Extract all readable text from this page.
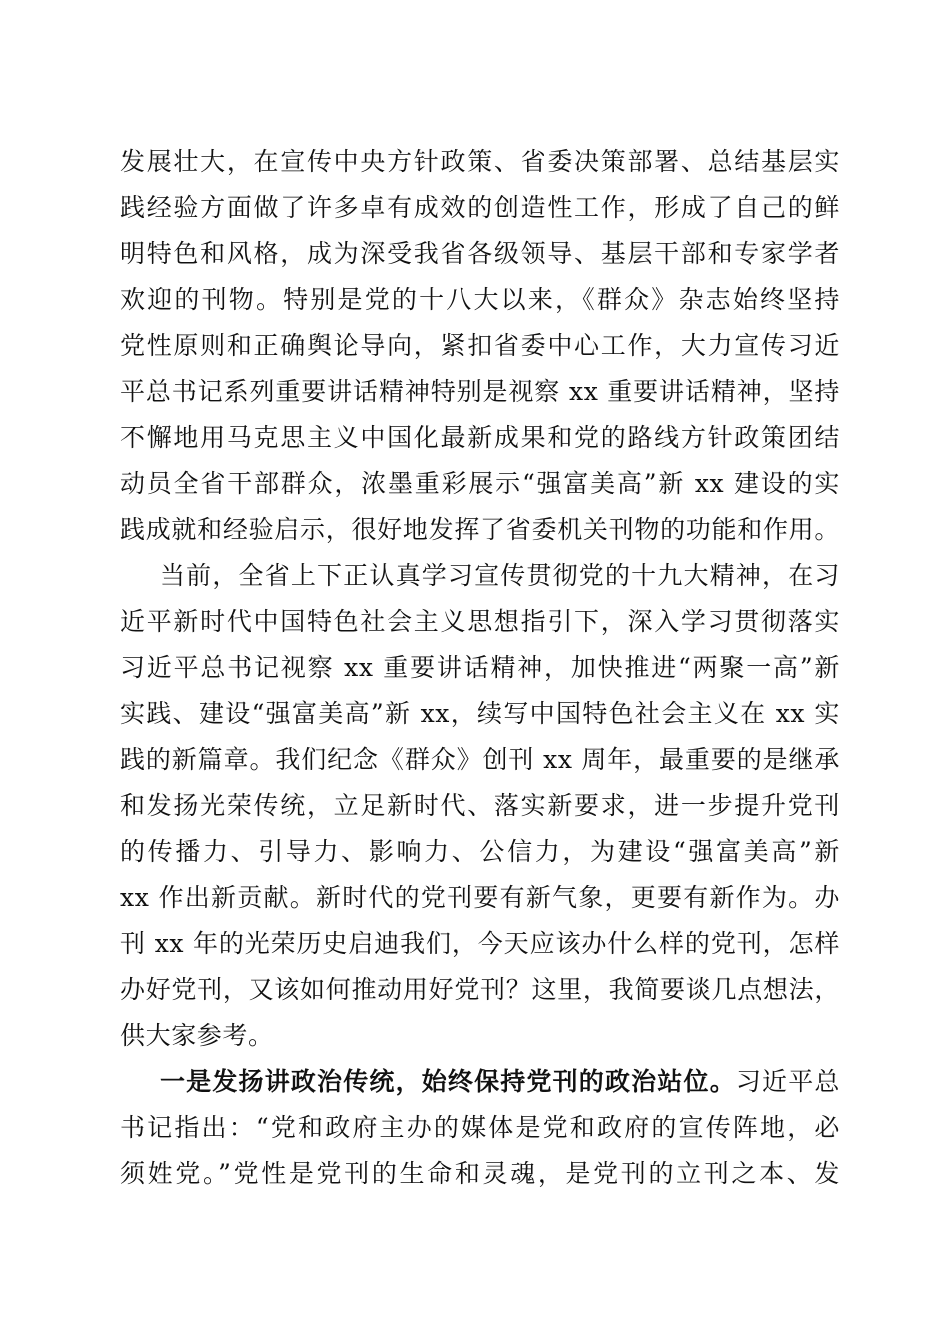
发展壮大，在宣传中央方针政策、省委决策部署、总结基层实
践经验方面做了许多卓有成效的创造性工作，形成了自己的鲜
明特色和风格，成为深受我省各级领导、基层干部和专家学者
欢迎的刊物。特别是党的十八大以来，《群众》杂志始终坚持
党性原则和正确舆论导向，紧扣省委中心工作，大力宣传习近
平总书记系列重要讲话精神特别是视察 xx 重要讲话精神，坚持
不懈地用马克思主义中国化最新成果和党的路线方针政策团结
动员全省干部群众，浓墨重彩展示“强富美高”新 xx 建设的实
践成就和经验启示，很好地发挥了省委机关刊物的功能和作用。
当前，全省上下正认真学习宣传贯彻党的十九大精神，在习
近平新时代中国特色社会主义思想指引下，深入学习贯彻落实
习近平总书记视察 xx 重要讲话精神，加快推进“两聚一高”新
实践、建设“强富美高”新 xx，续写中国特色社会主义在 xx 实
践的新篇章。我们纪念《群众》创刊 xx 周年，最重要的是继承
和发扬光荣传统，立足新时代、落实新要求，进一步提升党刊
的传播力、引导力、影响力、公信力，为建设“强富美高”新
xx 作出新贡献。新时代的党刊要有新气象，更要有新作为。办
刊 xx 年的光荣历史启迪我们，今天应该办什么样的党刊，怎样
办好党刊，又该如何推动用好党刊？这里，我简要谈几点想法，
供大家参考。
一是发扬讲政治传统，始终保持党刊的政治站位。习近平总
书记指出：“党和政府主办的媒体是党和政府的宣传阵地，必
须姓党。”党性是党刊的生命和灵魂，是党刊的立刊之本、发
